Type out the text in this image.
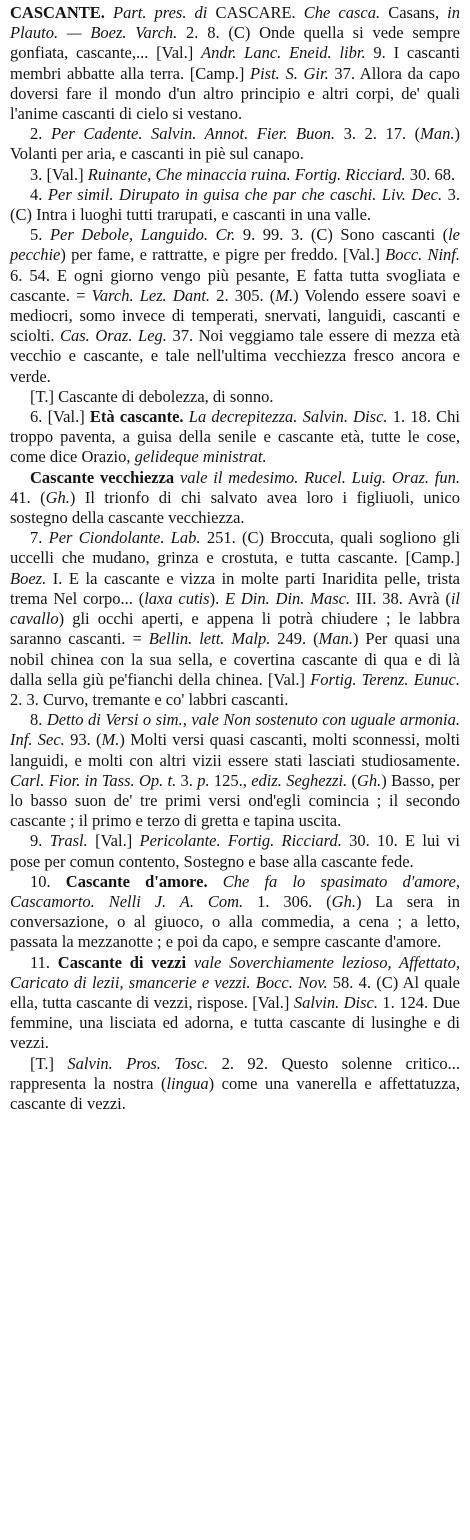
CASCANTE. Part. pres. di CASCARE. Che casca. Casans, in Plauto. — Boez. Varch. 2. 8. (C) Onde quella si vede sempre gonfiata, cascante,... [Val.] Andr. Lanc. Eneid. libr. 9. I cascanti membri abbatte alla terra. [Camp.] Pist. S. Gir. 37. Allora da capo doversi fare il mondo d'un altro principio e altri corpi, de' quali l'anime cascanti di cielo si vestano.

2. Per Cadente. Salvin. Annot. Fier. Buon. 3. 2. 17. (Man.) Volanti per aria, e cascanti in piè sul canapo.

3. [Val.] Ruinante, Che minaccia ruina. Fortig. Ricciard. 30. 68.

4. Per simil. Dirupato in guisa che par che caschi. Liv. Dec. 3. (C) Intra i luoghi tutti trarupati, e cascanti in una valle.

5. Per Debole, Languido. Cr. 9. 99. 3. (C) Sono cascanti (le pecchie) per fame, e rattratte, e pigre per freddo. [Val.] Bocc. Ninf. 6. 54. E ogni giorno vengo più pesante, E fatta tutta svogliata e cascante. = Varch. Lez. Dant. 2. 305. (M.) Volendo essere soavi e mediocri, somo invece di temperati, snervati, languidi, cascanti e sciolti. Cas. Oraz. Leg. 37. Noi veggiamo tale essere di mezza età vecchio e cascante, e tale nell'ultima vecchiezza fresco ancora e verde.

[T.] Cascante di debolezza, di sonno.

6. [Val.] Età cascante. La decrepitezza. Salvin. Disc. 1. 18. Chi troppo paventa, a guisa della senile e cascante età, tutte le cose, come dice Orazio, gelideque ministrat.

Cascante vecchiezza vale il medesimo. Rucel. Luig. Oraz. fun. 41. (Gh.) Il trionfo di chi salvato avea loro i figliuoli, unico sostegno della cascante vecchiezza.

7. Per Ciondolante. Lab. 251. (C) Broccuta, quali sogliono gli uccelli che mudano, grinza e crostuta, e tutta cascante. [Camp.] Boez. I. E la cascante e vizza in molte parti Inaridita pelle, trista trema Nel corpo... (laxa cutis). E Din. Din. Masc. III. 38. Avrà (il cavallo) gli occhi aperti, e appena li potrà chiudere ; le labbra saranno cascanti. = Bellin. lett. Malp. 249. (Man.) Per quasi una nobil chinea con la sua sella, e covertina cascante di qua e di là dalla sella giù pe'fianchi della chinea. [Val.] Fortig. Terenz. Eunuc. 2. 3. Curvo, tremante e co' labbri cascanti.

8. Detto di Versi o sim., vale Non sostenuto con uguale armonia. Inf. Sec. 93. (M.) Molti versi quasi cascanti, molti sconnessi, molti languidi, e molti con altri vizii essere stati lasciati studiosamente. Carl. Fior. in Tass. Op. t. 3. p. 125., ediz. Seghezzi. (Gh.) Basso, per lo basso suon de' tre primi versi ond'egli comincia ; il secondo cascante ; il primo e terzo di gretta e tapina uscita.

9. Trasl. [Val.] Pericolante. Fortig. Ricciard. 30. 10. E lui vi pose per comun contento, Sostegno e base alla cascante fede.

10. Cascante d'amore. Che fa lo spasimato d'amore, Cascamorto. Nelli J. A. Com. 1. 306. (Gh.) La sera in conversazione, o al giuoco, o alla commedia, a cena ; a letto, passata la mezzanotte ; e poi da capo, e sempre cascante d'amore.

11. Cascante di vezzi vale Soverchiamente lezioso, Affettato, Caricato di lezii, smancerie e vezzi. Bocc. Nov. 58. 4. (C) Al quale ella, tutta cascante di vezzi, rispose. [Val.] Salvin. Disc. 1. 124. Due femmine, una lisciata ed adorna, e tutta cascante di lusinghe e di vezzi.

[T.] Salvin. Pros. Tosc. 2. 92. Questo solenne critico... rappresenta la nostra (lingua) come una vanerella e affettatuzza, cascante di vezzi.
